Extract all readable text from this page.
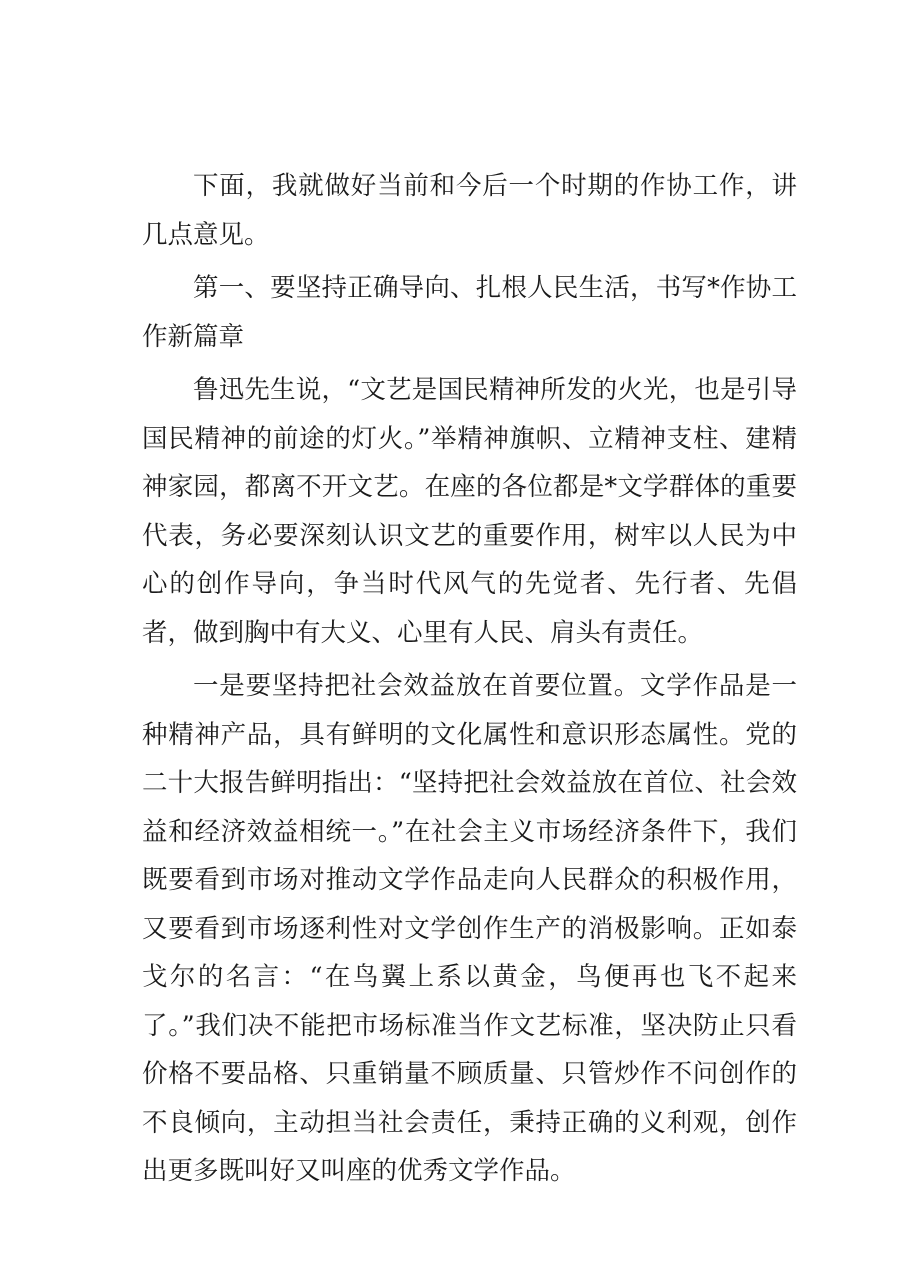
下面，我就做好当前和今后一个时期的作协工作，讲几点意见。

第一、要坚持正确导向、扎根人民生活，书写*作协工作新篇章

鲁迅先生说，“文艺是国民精神所发的火光，也是引导国民精神的前途的灯火。”举精神旗帜、立精神支柱、建精神家园，都离不开文艺。在座的各位都是*文学群体的重要代表，务必要深刻认识文艺的重要作用，树牢以人民为中心的创作导向，争当时代风气的先觉者、先行者、先倡者，做到胸中有大义、心里有人民、肩头有责任。

一是要坚持把社会效益放在首要位置。文学作品是一种精神产品，具有鲜明的文化属性和意识形态属性。党的二十大报告鲜明指出：“坚持把社会效益放在首位、社会效益和经济效益相统一。”在社会主义市场经济条件下，我们既要看到市场对推动文学作品走向人民群众的积极作用，又要看到市场逐利性对文学创作生产的消极影响。正如泰戈尔的名言：“在鸟翼上系以黄金，鸟便再也飞不起来了。”我们决不能把市场标准当作文艺标准，坚决防止只看价格不要品格、只重销量不顾质量、只管炒作不问创作的不良倾向，主动担当社会责任，秉持正确的义利观，创作出更多既叫好又叫座的优秀文学作品。
